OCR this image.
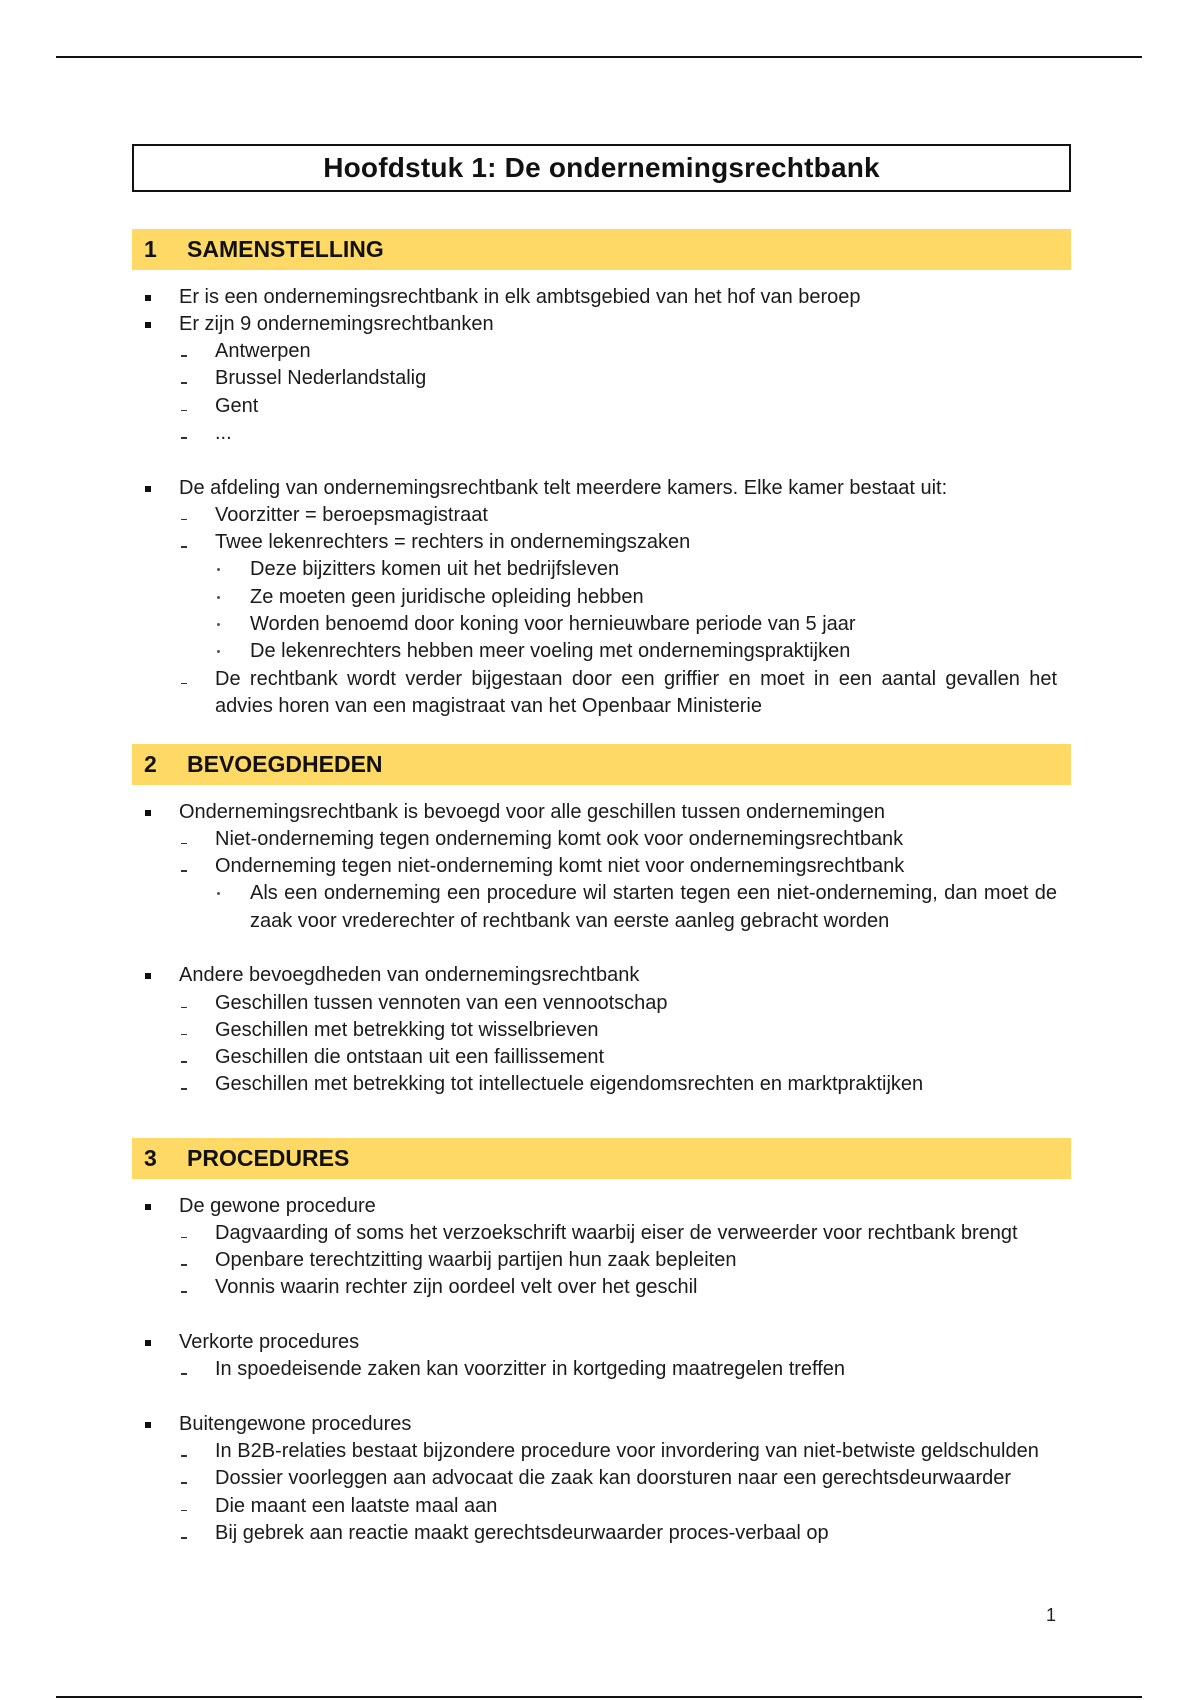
Hoofdstuk 1: De ondernemingsrechtbank
1 SAMENSTELLING
Er is een ondernemingsrechtbank in elk ambtsgebied van het hof van beroep
Er zijn 9 ondernemingsrechtbanken
Antwerpen
Brussel Nederlandstalig
Gent
...
De afdeling van ondernemingsrechtbank telt meerdere kamers. Elke kamer bestaat uit:
Voorzitter = beroepsmagistraat
Twee lekenrechters = rechters in ondernemingszaken
Deze bijzitters komen uit het bedrijfsleven
Ze moeten geen juridische opleiding hebben
Worden benoemd door koning voor hernieuwbare periode van 5 jaar
De lekenrechters hebben meer voeling met ondernemingspraktijken
De rechtbank wordt verder bijgestaan door een griffier en moet in een aantal gevallen het advies horen van een magistraat van het Openbaar Ministerie
2 BEVOEGDHEDEN
Ondernemingsrechtbank is bevoegd voor alle geschillen tussen ondernemingen
Niet-onderneming tegen onderneming komt ook voor ondernemingsrechtbank
Onderneming tegen niet-onderneming komt niet voor ondernemingsrechtbank
Als een onderneming een procedure wil starten tegen een niet-onderneming, dan moet de zaak voor vrederechter of rechtbank van eerste aanleg gebracht worden
Andere bevoegdheden van ondernemingsrechtbank
Geschillen tussen vennoten van een vennootschap
Geschillen met betrekking tot wisselbrieven
Geschillen die ontstaan uit een faillissement
Geschillen met betrekking tot intellectuele eigendomsrechten en marktpraktijken
3 PROCEDURES
De gewone procedure
Dagvaarding of soms het verzoekschrift waarbij eiser de verweerder voor rechtbank brengt
Openbare terechtzitting waarbij partijen hun zaak bepleiten
Vonnis waarin rechter zijn oordeel velt over het geschil
Verkorte procedures
In spoedeisende zaken kan voorzitter in kortgeding maatregelen treffen
Buitengewone procedures
In B2B-relaties bestaat bijzondere procedure voor invordering van niet-betwiste geldschulden
Dossier voorleggen aan advocaat die zaak kan doorsturen naar een gerechtsdeurwaarder
Die maant een laatste maal aan
Bij gebrek aan reactie maakt gerechtsdeurwaarder proces-verbaal op
1
